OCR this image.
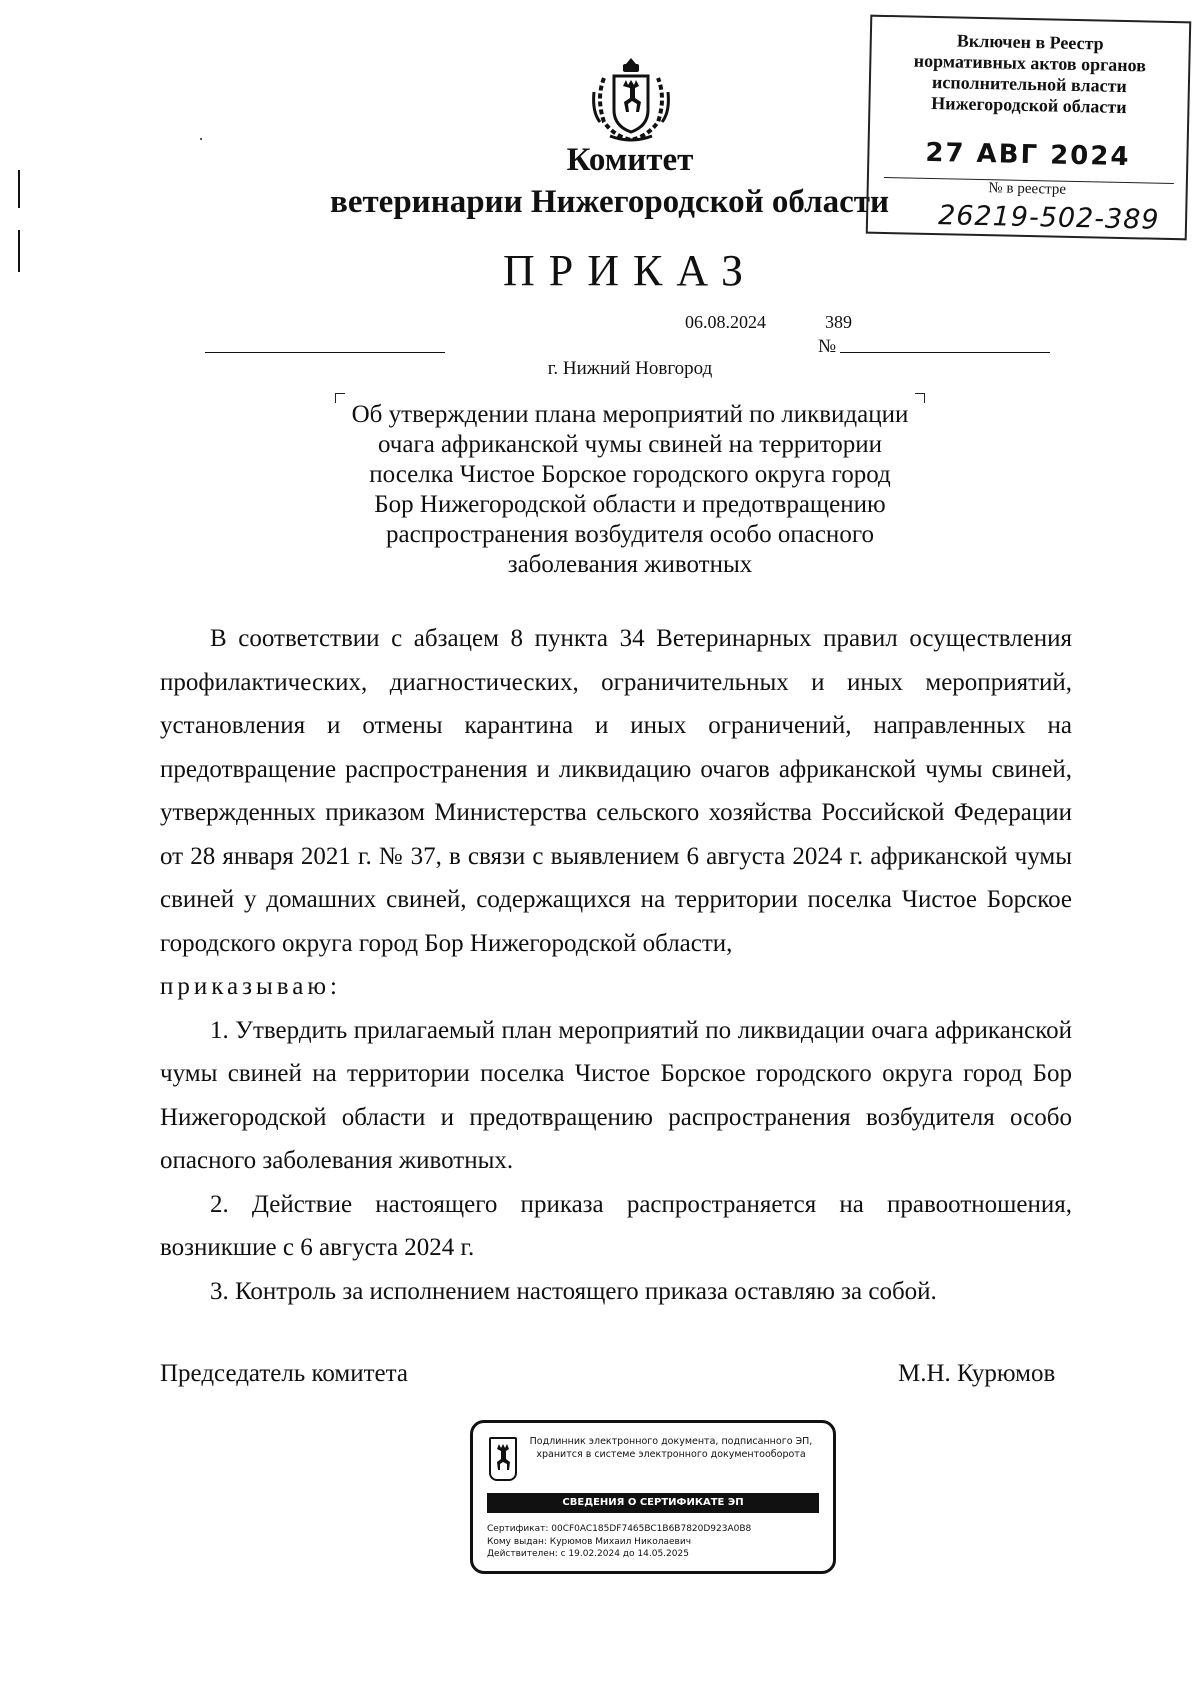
Комитет
ветеринарии Нижегородской области
ПРИКАЗ
06.08.2024	389
№
г. Нижний Новгород
Включен в Реестр
нормативных актов органов
исполнительной власти
Нижегородской области
27 АВГ 2024
№ в реестре
26219-502-389
Об утверждении плана мероприятий по ликвидации очага африканской чумы свиней на территории поселка Чистое Борское городского округа город Бор Нижегородской области и предотвращению распространения возбудителя особо опасного заболевания животных

В соответствии с абзацем 8 пункта 34 Ветеринарных правил осуществления профилактических, диагностических, ограничительных и иных мероприятий, установления и отмены карантина и иных ограничений, направленных на предотвращение распространения и ликвидацию очагов африканской чумы свиней, утвержденных приказом Министерства сельского хозяйства Российской Федерации от 28 января 2021 г. № 37, в связи с выявлением 6 августа 2024 г. африканской чумы свиней у домашних свиней, содержащихся на территории поселка Чистое Борское городского округа город Бор Нижегородской области,

приказываю:

1. Утвердить прилагаемый план мероприятий по ликвидации очага африканской чумы свиней на территории поселка Чистое Борское городского округа город Бор Нижегородской области и предотвращению распространения возбудителя особо опасного заболевания животных.

2. Действие настоящего приказа распространяется на правоотношения, возникшие с 6 августа 2024 г.

3. Контроль за исполнением настоящего приказа оставляю за собой.

Председатель комитета	М.Н. Курюмов
Подлинник электронного документа, подписанного ЭП,
хранится в системе электронного документооборота
СВЕДЕНИЯ О СЕРТИФИКАТЕ ЭП
Сертификат: 00CF0AC185DF7465BC1B6B7820D923A0B8
Кому выдан: Курюмов Михаил Николаевич
Действителен: с 19.02.2024 до 14.05.2025
